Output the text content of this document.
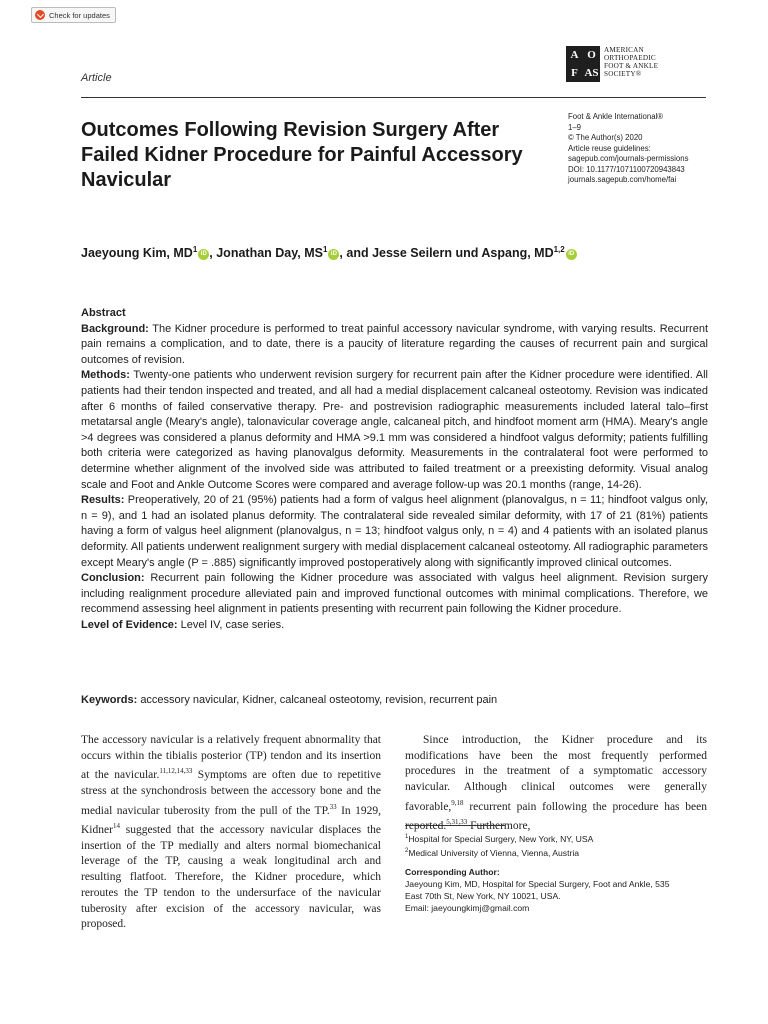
Check for updates
Article
A O
F AS
AMERICAN
ORTHOPAEDIC
FOOT & ANKLE
SOCIETY®
Outcomes Following Revision Surgery After Failed Kidner Procedure for Painful Accessory Navicular
Foot & Ankle International®
1–9
© The Author(s) 2020
Article reuse guidelines:
sagepub.com/journals-permissions
DOI: 10.1177/1071100720943843
journals.sagepub.com/home/fai
Jaeyoung Kim, $MD^1iD$ , Jonathan Day, $MS^1iD$ , and Jesse Seilern und Aspang, MD$^{1,2}$iD
Abstract

Background: The Kidner procedure is performed to treat painful accessory navicular syndrome, with varying results. Recurrent pain remains a complication, and to date, there is a paucity of literature regarding the causes of recurrent pain and surgical outcomes of revision.

Methods: Twenty-one patients who underwent revision surgery for recurrent pain after the Kidner procedure were identified. All patients had their tendon inspected and treated, and all had a medial displacement calcaneal osteotomy. Revision was indicated after 6 months of failed conservative therapy. Pre- and postrevision radiographic measurements included lateral talo–first metatarsal angle (Meary's angle), talonavicular coverage angle, calcaneal pitch, and hindfoot moment arm (HMA). Meary's angle >4 degrees was considered a planus deformity and HMA >9.1 mm was considered a hindfoot valgus deformity; patients fulfilling both criteria were categorized as having planovalgus deformity. Measurements in the contralateral foot were performed to determine whether alignment of the involved side was attributed to failed treatment or a preexisting deformity. Visual analog scale and Foot and Ankle Outcome Scores were compared and average follow-up was 20.1 months (range, 14-26).

Results: Preoperatively, 20 of 21 (95%) patients had a form of valgus heel alignment (planovalgus, n = 11; hindfoot valgus only, n = 9), and 1 had an isolated planus deformity. The contralateral side revealed similar deformity, with 17 of 21 (81%) patients having a form of valgus heel alignment (planovalgus, n = 13; hindfoot valgus only, n = 4) and 4 patients with an isolated planus deformity. All patients underwent realignment surgery with medial displacement calcaneal osteotomy. All radiographic parameters except Meary's angle (P = .885) significantly improved postoperatively along with significantly improved clinical outcomes.

Conclusion: Recurrent pain following the Kidner procedure was associated with valgus heel alignment. Revision surgery including realignment procedure alleviated pain and improved functional outcomes with minimal complications. Therefore, we recommend assessing heel alignment in patients presenting with recurrent pain following the Kidner procedure.

Level of Evidence: Level IV, case series.

Keywords: accessory navicular, Kidner, calcaneal osteotomy, revision, recurrent pain
The accessory navicular is a relatively frequent abnormality that occurs within the tibialis posterior (TP) tendon and its insertion at the navicular.$^{11,12,14,33}$ Symptoms are often due to repetitive stress at the synchondrosis between the accessory bone and the medial navicular tuberosity from the pull of the TP.$^{33}$ In 1929, Kidner$^{14}$ suggested that the accessory navicular displaces the insertion of the TP medially and alters normal biomechanical leverage of the TP, causing a weak longitudinal arch and resulting flatfoot. Therefore, the Kidner procedure, which reroutes the TP tendon to the undersurface of the navicular tuberosity after excision of the accessory navicular, was proposed.
Since introduction, the Kidner procedure and its modifications have been the most frequently performed procedures in the treatment of a symptomatic accessory navicular. Although clinical outcomes were generally favorable,$^{9,18}$ recurrent pain following the procedure has been reported.$^{5,31,33}$ Furthermore,
$^1$Hospital for Special Surgery, New York, NY, USA
$^2$Medical University of Vienna, Vienna, Austria
Corresponding Author:
Jaeyoung Kim, MD, Hospital for Special Surgery, Foot and Ankle, 535
East 70th St, New York, NY 10021, USA.
Email: jaeyoungkimj@gmail.com
